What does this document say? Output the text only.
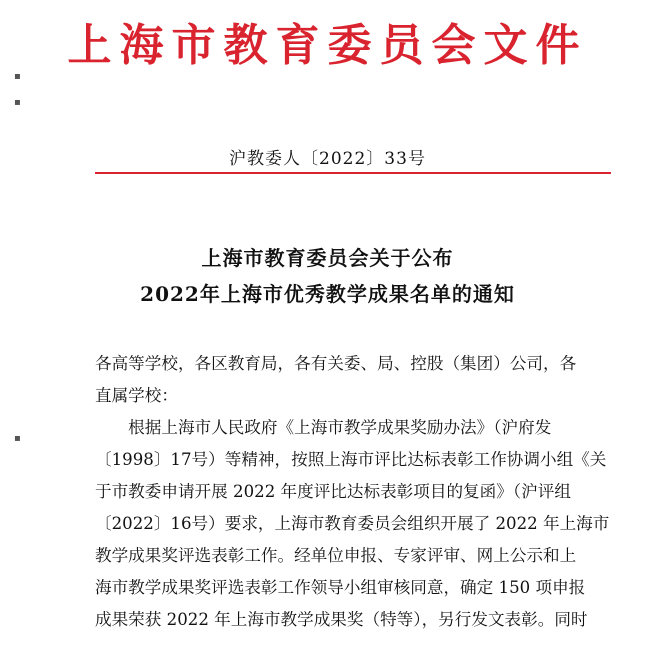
上海市教育委员会文件
沪教委人〔2022〕33号
上海市教育委员会关于公布
2022年上海市优秀教学成果名单的通知
各高等学校，各区教育局，各有关委、局、控股（集团）公司，各
直属学校：
　　根据上海市人民政府《上海市教学成果奖励办法》（沪府发
〔1998〕17号）等精神，按照上海市评比达标表彰工作协调小组《关
于市教委申请开展 2022 年度评比达标表彰项目的复函》（沪评组
〔2022〕16号）要求，上海市教育委员会组织开展了 2022 年上海市
教学成果奖评选表彰工作。经单位申报、专家评审、网上公示和上
海市教学成果奖评选表彰工作领导小组审核同意，确定 150 项申报
成果荣获 2022 年上海市教学成果奖（特等），另行发文表彰。同时
▪
▪
▪
